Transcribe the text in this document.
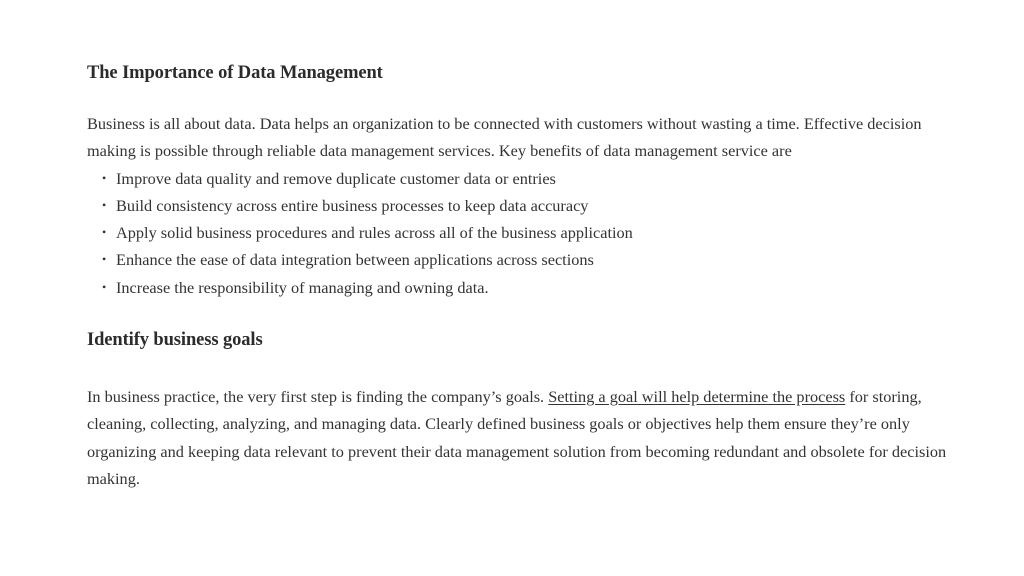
The Importance of Data Management

Business is all about data. Data helps an organization to be connected with customers without wasting a time. Effective decision making is possible through reliable data management services. Key benefits of data management service are

• Improve data quality and remove duplicate customer data or entries
• Build consistency across entire business processes to keep data accuracy
• Apply solid business procedures and rules across all of the business application
• Enhance the ease of data integration between applications across sections
• Increase the responsibility of managing and owning data.
Identify business goals

In business practice, the very first step is finding the company’s goals. Setting a goal will help determine the process for storing, cleaning, collecting, analyzing, and managing data. Clearly defined business goals or objectives help them ensure they’re only organizing and keeping data relevant to prevent their data management solution from becoming redundant and obsolete for decision making.
